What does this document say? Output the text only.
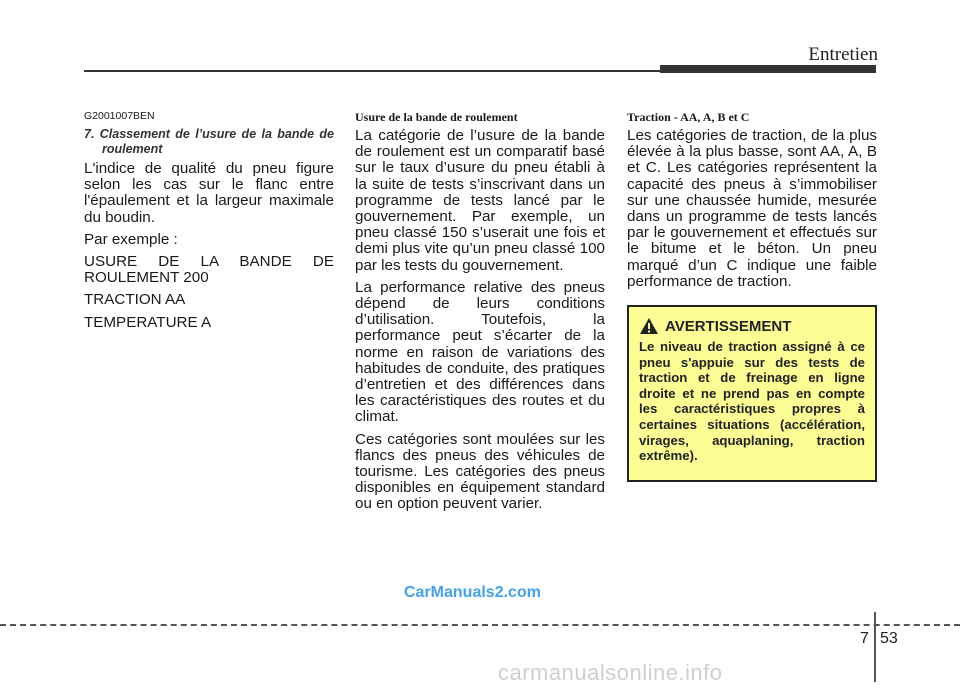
Entretien
G2001007BEN
7. Classement de l’usure de la bande de roulement

L'indice de qualité du pneu figure selon les cas sur le flanc entre l'épaulement et la largeur maximale du boudin.

Par exemple :

USURE DE LA BANDE DE ROULEMENT 200

TRACTION AA

TEMPERATURE A

Usure de la bande de roulement

La catégorie de l’usure de la bande de roulement est un comparatif basé sur le taux d’usure du pneu établi à la suite de tests s’inscrivant dans un programme de tests lancé par le gouvernement. Par exemple, un pneu classé 150 s’userait une fois et demi plus vite qu’un pneu classé 100 par les tests du gouvernement.

La performance relative des pneus dépend de leurs conditions d’utilisation. Toutefois, la performance peut s’écarter de la norme en raison de variations des habitudes de conduite, des pratiques d’entretien et des différences dans les caractéristiques des routes et du climat.

Ces catégories sont moulées sur les flancs des pneus des véhicules de tourisme. Les catégories des pneus disponibles en équipement standard ou en option peuvent varier.

Traction - AA, A, B et C

Les catégories de traction, de la plus élevée à la plus basse, sont AA, A, B et C. Les catégories représentent la capacité des pneus à s’immobiliser sur une chaussée humide, mesurée dans un programme de tests lancés par le gouvernement et effectués sur le bitume et le béton. Un pneu marqué d’un C indique une faible performance de traction.

AVERTISSEMENT
Le niveau de traction assigné à ce pneu s'appuie sur des tests de traction et de freinage en ligne droite et ne prend pas en compte les caractéristiques propres à certaines situations (accélération, virages, aquaplaning, traction extrême).
CarManuals2.com
7 53
carmanualsonline.info
